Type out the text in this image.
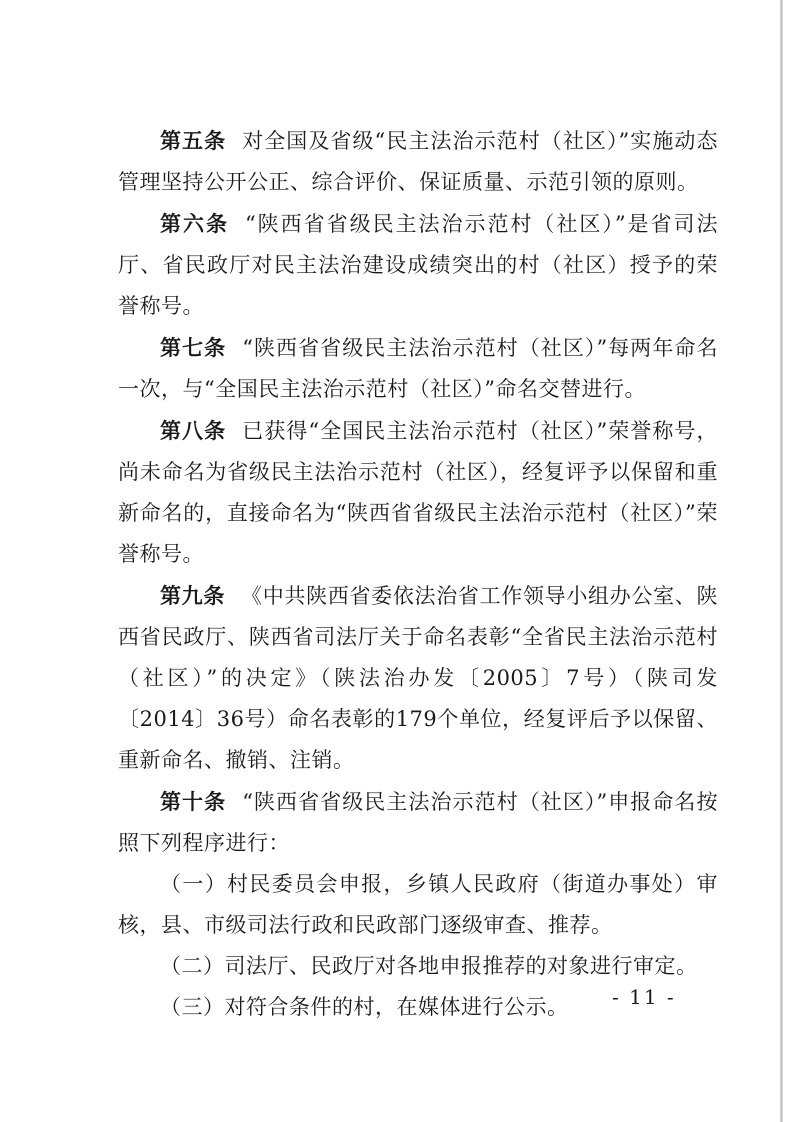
第五条 对全国及省级“民主法治示范村（社区）”实施动态管理坚持公开公正、综合评价、保证质量、示范引领的原则。

第六条 “陕西省省级民主法治示范村（社区）”是省司法厅、省民政厅对民主法治建设成绩突出的村（社区）授予的荣誉称号。

第七条 “陕西省省级民主法治示范村（社区）”每两年命名一次，与“全国民主法治示范村（社区）”命名交替进行。

第八条 已获得“全国民主法治示范村（社区）”荣誉称号，尚未命名为省级民主法治示范村（社区），经复评予以保留和重新命名的，直接命名为“陕西省省级民主法治示范村（社区）”荣誉称号。

第九条 《中共陕西省委依法治省工作领导小组办公室、陕西省民政厅、陕西省司法厅关于命名表彰“全省民主法治示范村（社区）”的决定》（陕法治办发〔2005〕7号）（陕司发〔2014〕36号）命名表彰的179个单位，经复评后予以保留、重新命名、撤销、注销。

第十条 “陕西省省级民主法治示范村（社区）”申报命名按照下列程序进行：

（一）村民委员会申报，乡镇人民政府（街道办事处）审核，县、市级司法行政和民政部门逐级审查、推荐。

（二）司法厅、民政厅对各地申报推荐的对象进行审定。

（三）对符合条件的村，在媒体进行公示。	- 11 -
